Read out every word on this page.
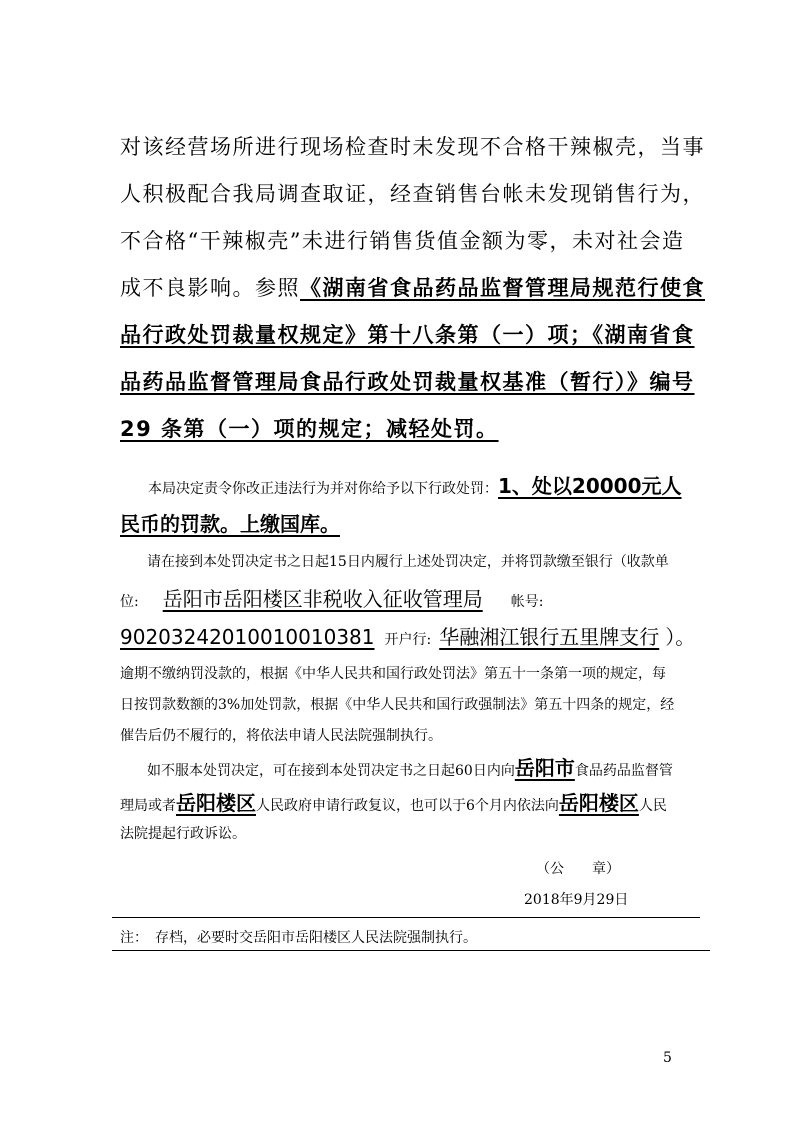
对该经营场所进行现场检查时未发现不合格干辣椒壳，当事
人积极配合我局调查取证，经查销售台帐未发现销售行为，
不合格“干辣椒壳”未进行销售货值金额为零，未对社会造
成不良影响。参照《湖南省食品药品监督管理局规范行使食
品行政处罚裁量权规定》第十八条第（一）项；《湖南省食
品药品监督管理局食品行政处罚裁量权基准（暂行）》编号
29 条第（一）项的规定；减轻处罚。
本局决定责令你改正违法行为并对你给予以下行政处罚：1、处以20000元人
民币的罚款。上缴国库。
请在接到本处罚决定书之日起15日内履行上述处罚决定，并将罚款缴至银行（收款单
位: 岳阳市岳阳楼区非税收入征收管理局 帐号:
90203242010010010381 开户行: 华融湘江银行五里牌支行 ）。
逾期不缴纳罚没款的，根据《中华人民共和国行政处罚法》第五十一条第一项的规定，每
日按罚款数额的3%加处罚款，根据《中华人民共和国行政强制法》第五十四条的规定，经
催告后仍不履行的，将依法申请人民法院强制执行。
如不服本处罚决定，可在接到本处罚决定书之日起60日内向岳阳市食品药品监督管
理局或者岳阳楼区人民政府申请行政复议，也可以于6个月内依法向岳阳楼区人民
法院提起行政诉讼。
（公　　章）
2018年9月29日
注：　存档，必要时交岳阳市岳阳楼区人民法院强制执行。
5
